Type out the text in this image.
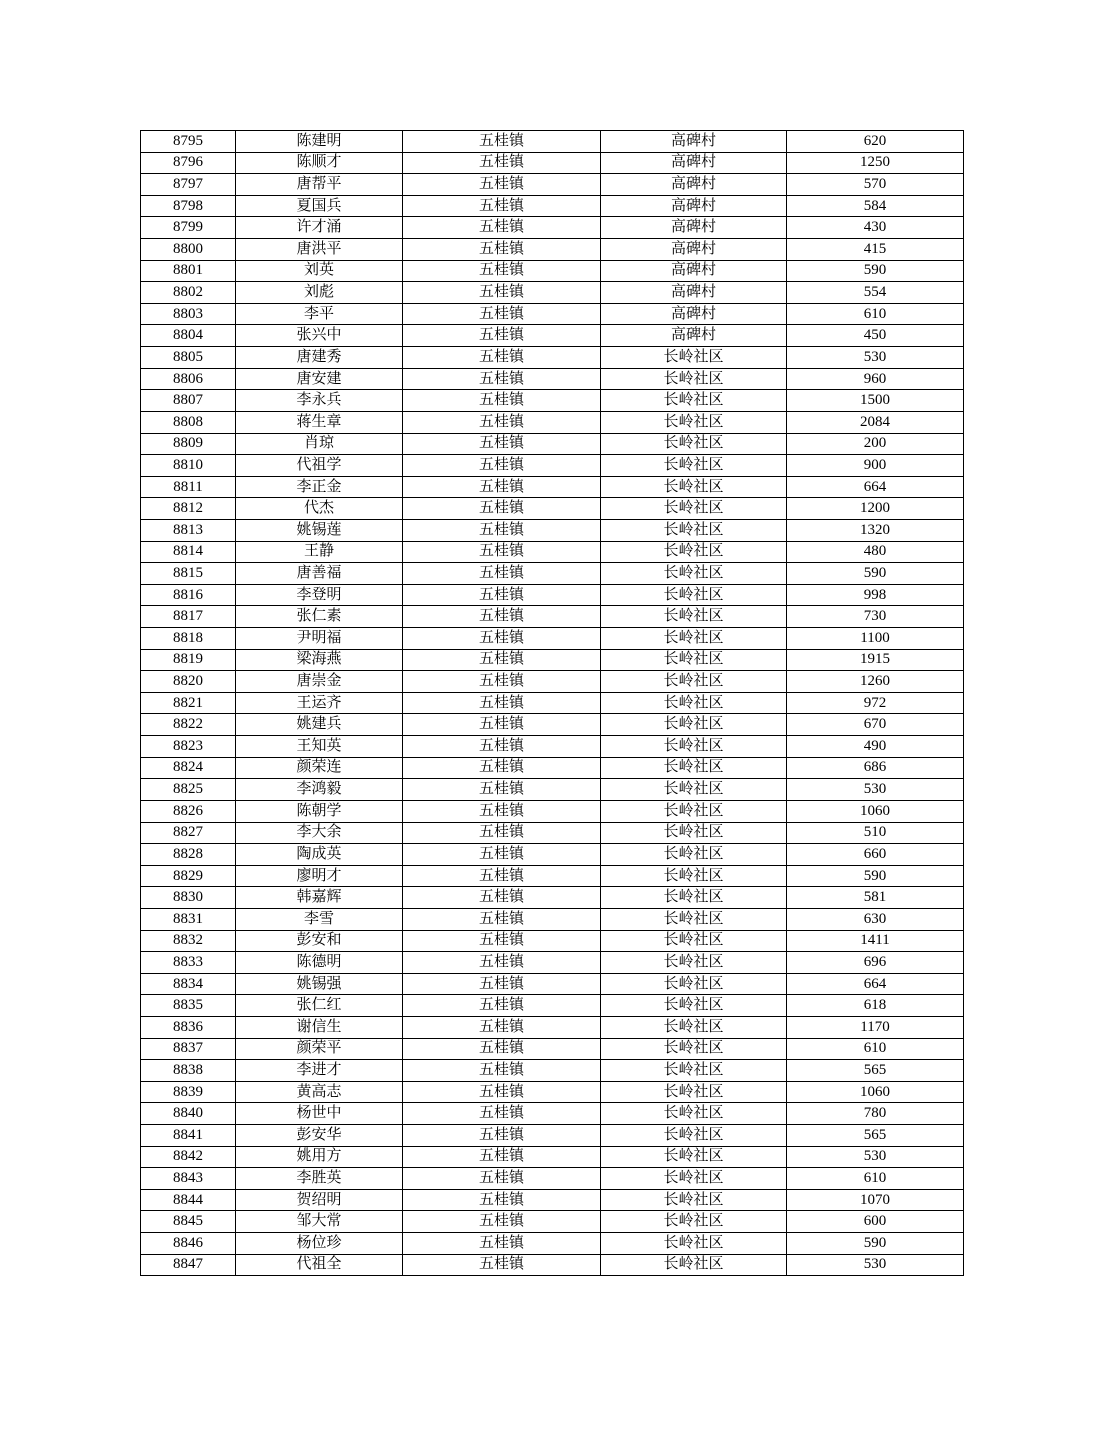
8795	陈建明	五桂镇	高碑村	620
8796	陈顺才	五桂镇	高碑村	1250
8797	唐帮平	五桂镇	高碑村	570
8798	夏国兵	五桂镇	高碑村	584
8799	许才涌	五桂镇	高碑村	430
8800	唐洪平	五桂镇	高碑村	415
8801	刘英	五桂镇	高碑村	590
8802	刘彪	五桂镇	高碑村	554
8803	李平	五桂镇	高碑村	610
8804	张兴中	五桂镇	高碑村	450
8805	唐建秀	五桂镇	长岭社区	530
8806	唐安建	五桂镇	长岭社区	960
8807	李永兵	五桂镇	长岭社区	1500
8808	蒋生章	五桂镇	长岭社区	2084
8809	肖琼	五桂镇	长岭社区	200
8810	代祖学	五桂镇	长岭社区	900
8811	李正金	五桂镇	长岭社区	664
8812	代杰	五桂镇	长岭社区	1200
8813	姚锡莲	五桂镇	长岭社区	1320
8814	王静	五桂镇	长岭社区	480
8815	唐善福	五桂镇	长岭社区	590
8816	李登明	五桂镇	长岭社区	998
8817	张仁素	五桂镇	长岭社区	730
8818	尹明福	五桂镇	长岭社区	1100
8819	梁海燕	五桂镇	长岭社区	1915
8820	唐崇金	五桂镇	长岭社区	1260
8821	王运齐	五桂镇	长岭社区	972
8822	姚建兵	五桂镇	长岭社区	670
8823	王知英	五桂镇	长岭社区	490
8824	颜荣连	五桂镇	长岭社区	686
8825	李鸿毅	五桂镇	长岭社区	530
8826	陈朝学	五桂镇	长岭社区	1060
8827	李大余	五桂镇	长岭社区	510
8828	陶成英	五桂镇	长岭社区	660
8829	廖明才	五桂镇	长岭社区	590
8830	韩嘉辉	五桂镇	长岭社区	581
8831	李雪	五桂镇	长岭社区	630
8832	彭安和	五桂镇	长岭社区	1411
8833	陈德明	五桂镇	长岭社区	696
8834	姚锡强	五桂镇	长岭社区	664
8835	张仁红	五桂镇	长岭社区	618
8836	谢信生	五桂镇	长岭社区	1170
8837	颜荣平	五桂镇	长岭社区	610
8838	李进才	五桂镇	长岭社区	565
8839	黄高志	五桂镇	长岭社区	1060
8840	杨世中	五桂镇	长岭社区	780
8841	彭安华	五桂镇	长岭社区	565
8842	姚用方	五桂镇	长岭社区	530
8843	李胜英	五桂镇	长岭社区	610
8844	贺绍明	五桂镇	长岭社区	1070
8845	邹大常	五桂镇	长岭社区	600
8846	杨位珍	五桂镇	长岭社区	590
8847	代祖全	五桂镇	长岭社区	530
